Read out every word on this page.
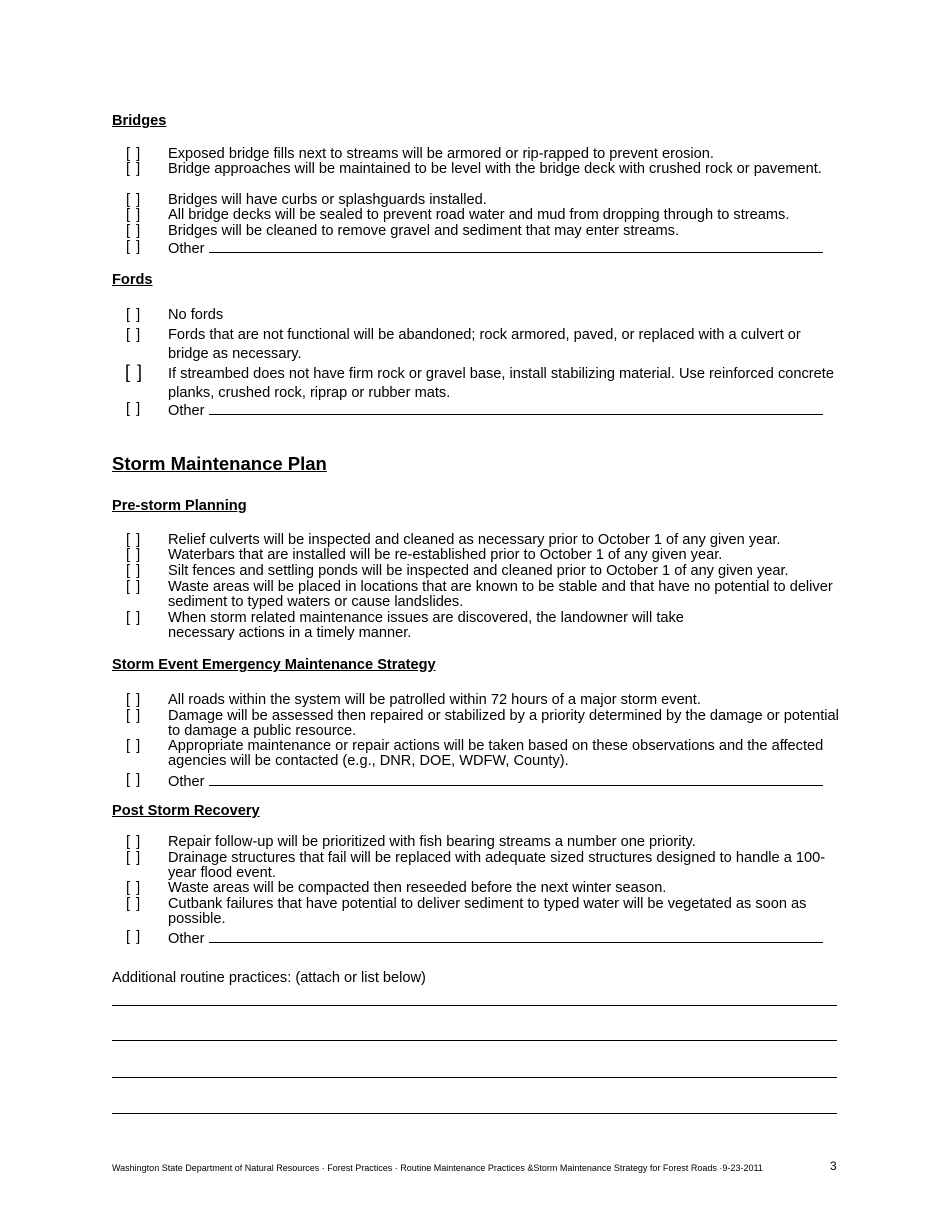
Bridges
[ ] Exposed bridge fills next to streams will be armored or rip-rapped to prevent erosion.
[ ] Bridge approaches will be maintained to be level with the bridge deck with crushed rock or pavement.
[ ] Bridges will have curbs or splashguards installed.
[ ] All bridge decks will be sealed to prevent road water and mud from dropping through to streams.
[ ] Bridges will be cleaned to remove gravel and sediment that may enter streams.
[ ] Other
Fords
[ ] No fords
[ ] Fords that are not functional will be abandoned; rock armored, paved, or replaced with a culvert or bridge as necessary.
[ ] If streambed does not have firm rock or gravel base, install stabilizing material. Use reinforced concrete planks, crushed rock, riprap or rubber mats.
[ ] Other
Storm Maintenance Plan
Pre-storm Planning
[ ] Relief culverts will be inspected and cleaned as necessary prior to October 1 of any given year.
[ ] Waterbars that are installed will be re-established prior to October 1 of any given year.
[ ] Silt fences and settling ponds will be inspected and cleaned prior to October 1 of any given year.
[ ] Waste areas will be placed in locations that are known to be stable and that have no potential to deliver sediment to typed waters or cause landslides.
[ ] When storm related maintenance issues are discovered, the landowner will take necessary actions in a timely manner.
Storm Event Emergency Maintenance Strategy
[ ] All roads within the system will be patrolled within 72 hours of a major storm event.
[ ] Damage will be assessed then repaired or stabilized by a priority determined by the damage or potential to damage a public resource.
[ ] Appropriate maintenance or repair actions will be taken based on these observations and the affected agencies will be contacted (e.g., DNR, DOE, WDFW, County).
[ ] Other
Post Storm Recovery
[ ] Repair follow-up will be prioritized with fish bearing streams a number one priority.
[ ] Drainage structures that fail will be replaced with adequate sized structures designed to handle a 100-year flood event.
[ ] Waste areas will be compacted then reseeded before the next winter season.
[ ] Cutbank failures that have potential to deliver sediment to typed water will be vegetated as soon as possible.
[ ] Other
Additional routine practices: (attach or list below)
Washington State Department of Natural Resources · Forest Practices · Routine Maintenance Practices &Storm Maintenance Strategy for Forest Roads ·9-23-2011	3
